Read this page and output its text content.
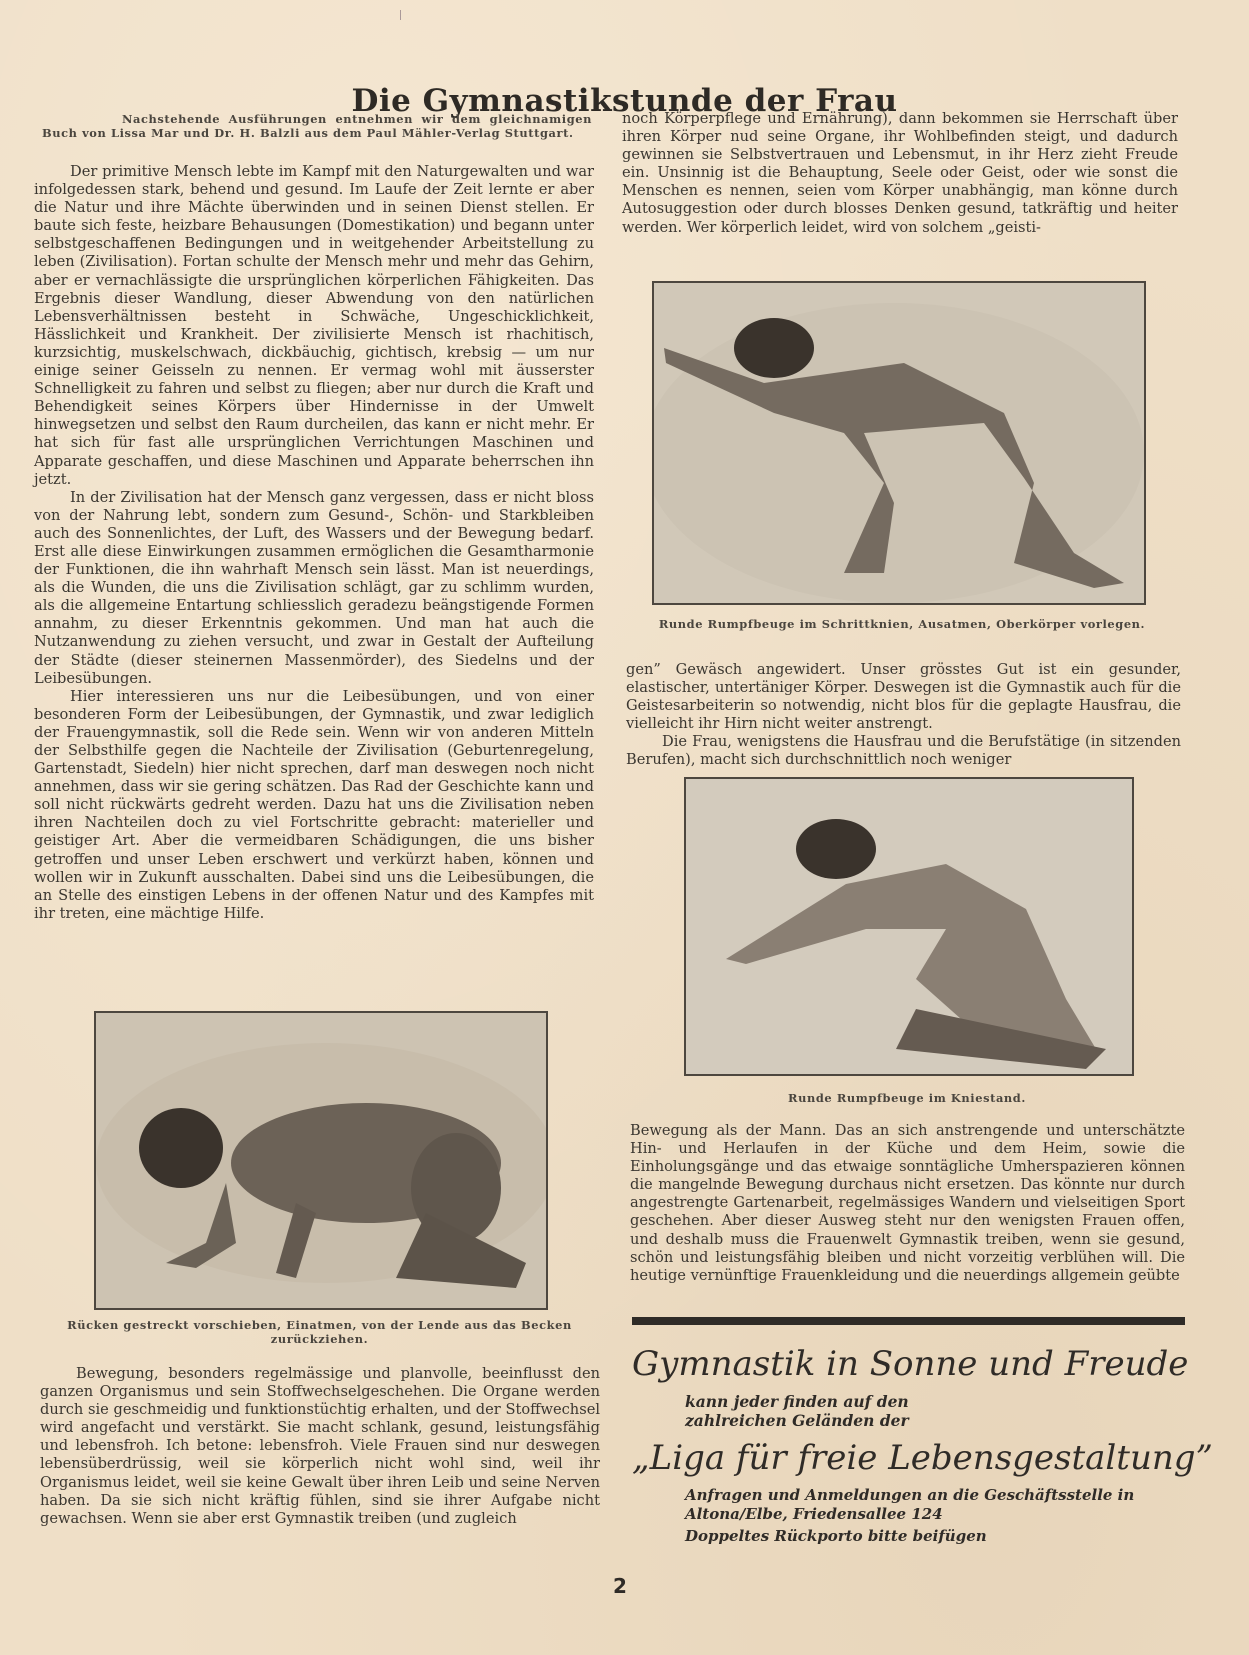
Die Gymnastikstunde der Frau
Nachstehende Ausführungen entnehmen wir dem gleichnamigen Buch von Lissa Mar und Dr. H. Balzli aus dem Paul Mähler-Verlag Stuttgart.

Der primitive Mensch lebte im Kampf mit den Naturgewalten und war infolgedessen stark, behend und gesund. Im Laufe der Zeit lernte er aber die Natur und ihre Mächte überwinden und in seinen Dienst stellen. Er baute sich feste, heizbare Behausungen (Domestikation) und begann unter selbstgeschaffenen Bedingungen und in weitgehender Arbeitstellung zu leben (Zivilisation). Fortan schulte der Mensch mehr und mehr das Gehirn, aber er vernachlässigte die ursprünglichen körperlichen Fähigkeiten. Das Ergebnis dieser Wandlung, dieser Abwendung von den natürlichen Lebensverhältnissen besteht in Schwäche, Ungeschicklichkeit, Hässlichkeit und Krankheit. Der zivilisierte Mensch ist rhachitisch, kurzsichtig, muskelschwach, dickbäuchig, gichtisch, krebsig — um nur einige seiner Geisseln zu nennen. Er vermag wohl mit äusserster Schnelligkeit zu fahren und selbst zu fliegen; aber nur durch die Kraft und Behendigkeit seines Körpers über Hindernisse in der Umwelt hinwegsetzen und selbst den Raum durcheilen, das kann er nicht mehr. Er hat sich für fast alle ursprünglichen Verrichtungen Maschinen und Apparate geschaffen, und diese Maschinen und Apparate beherrschen ihn jetzt.

In der Zivilisation hat der Mensch ganz vergessen, dass er nicht bloss von der Nahrung lebt, sondern zum Gesund-, Schön- und Starkbleiben auch des Sonnenlichtes, der Luft, des Wassers und der Bewegung bedarf. Erst alle diese Einwirkungen zusammen ermöglichen die Gesamtharmonie der Funktionen, die ihn wahrhaft Mensch sein lässt. Man ist neuerdings, als die Wunden, die uns die Zivilisation schlägt, gar zu schlimm wurden, als die allgemeine Entartung schliesslich geradezu beängstigende Formen annahm, zu dieser Erkenntnis gekommen. Und man hat auch die Nutzanwendung zu ziehen versucht, und zwar in Gestalt der Aufteilung der Städte (dieser steinernen Massenmörder), des Siedelns und der Leibesübungen.

Hier interessieren uns nur die Leibesübungen, und von einer besonderen Form der Leibesübungen, der Gymnastik, und zwar lediglich der Frauengymnastik, soll die Rede sein. Wenn wir von anderen Mitteln der Selbsthilfe gegen die Nachteile der Zivilisation (Geburtenregelung, Gartenstadt, Siedeln) hier nicht sprechen, darf man deswegen noch nicht annehmen, dass wir sie gering schätzen. Das Rad der Geschichte kann und soll nicht rückwärts gedreht werden. Dazu hat uns die Zivilisation neben ihren Nachteilen doch zu viel Fortschritte gebracht: materieller und geistiger Art. Aber die vermeidbaren Schädigungen, die uns bisher getroffen und unser Leben erschwert und verkürzt haben, können und wollen wir in Zukunft ausschalten. Dabei sind uns die Leibesübungen, die an Stelle des einstigen Lebens in der offenen Natur und des Kampfes mit ihr treten, eine mächtige Hilfe.

Rücken gestreckt vorschieben, Einatmen, von der Lende aus das Becken zurückziehen.

Bewegung, besonders regelmässige und planvolle, beeinflusst den ganzen Organismus und sein Stoffwechselgeschehen. Die Organe werden durch sie geschmeidig und funktionstüchtig erhalten, und der Stoffwechsel wird angefacht und verstärkt. Sie macht schlank, gesund, leistungsfähig und lebensfroh. Ich betone: lebensfroh. Viele Frauen sind nur deswegen lebensüberdrüssig, weil sie körperlich nicht wohl sind, weil ihr Organismus leidet, weil sie keine Gewalt über ihren Leib und seine Nerven haben. Da sie sich nicht kräftig fühlen, sind sie ihrer Aufgabe nicht gewachsen. Wenn sie aber erst Gymnastik treiben (und zugleich

noch Körperpflege und Ernährung), dann bekommen sie Herrschaft über ihren Körper nud seine Organe, ihr Wohlbefinden steigt, und dadurch gewinnen sie Selbstvertrauen und Lebensmut, in ihr Herz zieht Freude ein. Unsinnig ist die Behauptung, Seele oder Geist, oder wie sonst die Menschen es nennen, seien vom Körper unabhängig, man könne durch Autosuggestion oder durch blosses Denken gesund, tatkräftig und heiter werden. Wer körperlich leidet, wird von solchem „geisti-

Runde Rumpfbeuge im Schrittknien, Ausatmen, Oberkörper vorlegen.

gen” Gewäsch angewidert. Unser grösstes Gut ist ein gesunder, elastischer, untertäniger Körper. Deswegen ist die Gymnastik auch für die Geistesarbeiterin so notwendig, nicht blos für die geplagte Hausfrau, die vielleicht ihr Hirn nicht weiter anstrengt.

Die Frau, wenigstens die Hausfrau und die Berufstätige (in sitzenden Berufen), macht sich durchschnittlich noch weniger

Runde Rumpfbeuge im Kniestand.

Bewegung als der Mann. Das an sich anstrengende und unterschätzte Hin- und Herlaufen in der Küche und dem Heim, sowie die Einholungsgänge und das etwaige sonntägliche Umherspazieren können die mangelnde Bewegung durchaus nicht ersetzen. Das könnte nur durch angestrengte Gartenarbeit, regelmässiges Wandern und vielseitigen Sport geschehen. Aber dieser Ausweg steht nur den wenigsten Frauen offen, und deshalb muss die Frauenwelt Gymnastik treiben, wenn sie gesund, schön und leistungsfähig bleiben und nicht vorzeitig verblühen will. Die heutige vernünftige Frauenkleidung und die neuerdings allgemein geübte

Gymnastik in Sonne und Freude
kann jeder finden auf den zahlreichen Geländen der
„Liga für freie Lebensgestaltung”
Anfragen und Anmeldungen an die Geschäftsstelle in
Altona/Elbe, Friedensallee 124
Doppeltes Rückporto bitte beifügen
2
